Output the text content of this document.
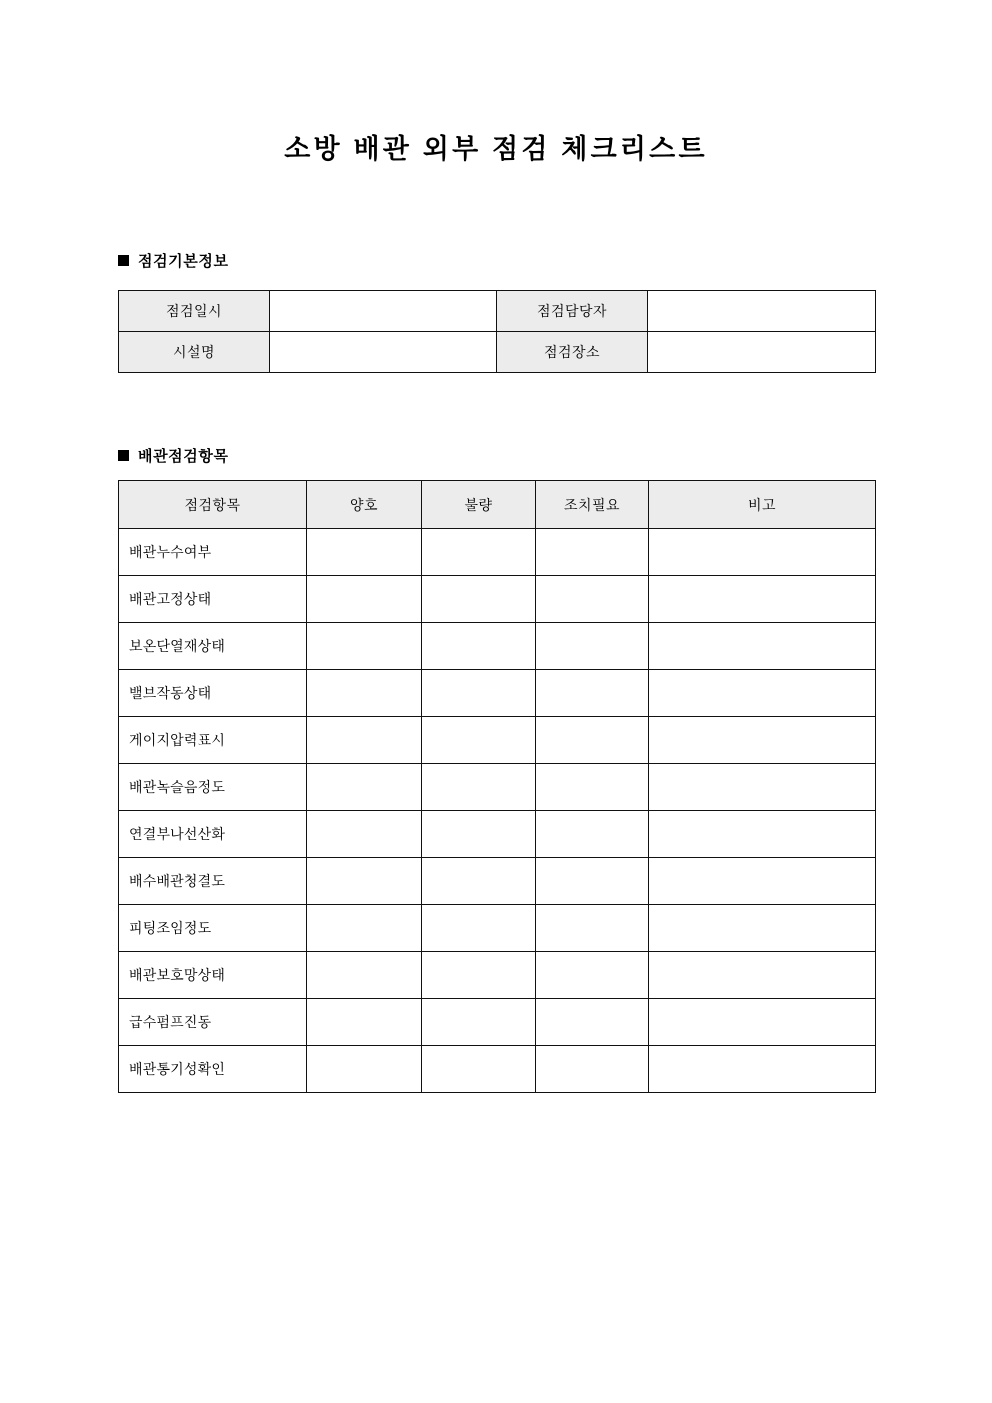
소방 배관 외부 점검 체크리스트
점검기본정보
점검일시		점검담당자	
시설명		점검장소	
배관점검항목
점검항목	양호	불량	조치필요	비고
배관누수여부				
배관고정상태				
보온단열재상태				
밸브작동상태				
게이지압력표시				
배관녹슬음정도				
연결부나선산화				
배수배관청결도				
피팅조임정도				
배관보호망상태				
급수펌프진동				
배관통기성확인				
